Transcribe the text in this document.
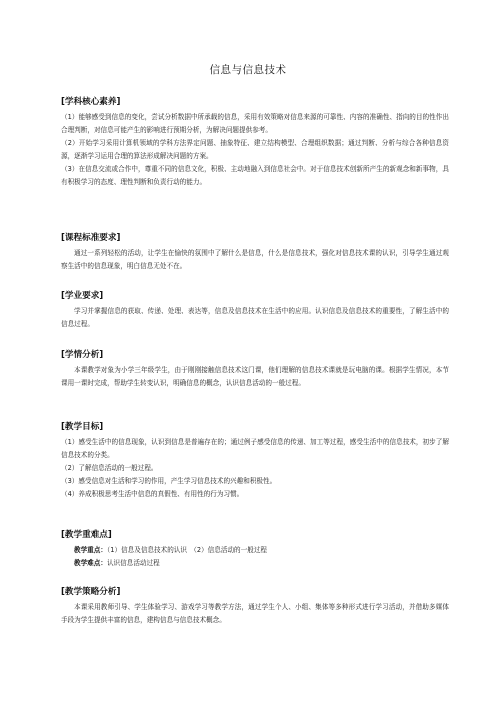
信息与信息技术
[学科核心素养]

（1）能够感受到信息的变化，尝试分析数据中所承载的信息，采用有效策略对信息来源的可靠性、内容的准确性、指向的目的性作出合理判断，对信息可能产生的影响进行预期分析，为解决问题提供参考。

（2）开始学习采用计算机领域的学科方法界定问题、抽象特征、建立结构模型、合理组织数据；通过判断、分析与综合各种信息资源，逐渐学习运用合理的算法形成解决问题的方案。

（3）在信息交流或合作中，尊重不同的信息文化，积极、主动地融入到信息社会中。对于信息技术创新所产生的新观念和新事物，具有积极学习的态度、理性判断和负责行动的能力。

[课程标准要求]

通过一系列轻松的活动，让学生在愉快的氛围中了解什么是信息，什么是信息技术，强化对信息技术课的认识，引导学生通过观察生活中的信息现象，明白信息无处不在。

[学业要求]

学习并掌握信息的获取、传递、处理、表达等，信息及信息技术在生活中的应用。认识信息及信息技术的重要性，了解生活中的信息过程。

[学情分析]

本课教学对象为小学三年级学生，由于刚刚接触信息技术这门课，他们理解的信息技术课就是玩电脑的课。根据学生情况，本节课用一课时完成，帮助学生转变认识，明确信息的概念，认识信息活动的一般过程。

[教学目标]

（1）感受生活中的信息现象，认识到信息是普遍存在的；通过例子感受信息的传递、加工等过程，感受生活中的信息技术，初步了解信息技术的分类。

（2）了解信息活动的一般过程。

（3）感受信息对生活和学习的作用，产生学习信息技术的兴趣和积极性。

（4）养成积极思考生活中信息的真假性、有用性的行为习惯。

[教学重难点]

教学重点：（1）信息及信息技术的认识　（2）信息活动的一般过程

教学难点：认识信息活动过程

[教学策略分析]

本课采用教师引导、学生体验学习、游戏学习等教学方法，通过学生个人、小组、集体等多种形式进行学习活动，并借助多媒体手段为学生提供丰富的信息，建构信息与信息技术概念。
